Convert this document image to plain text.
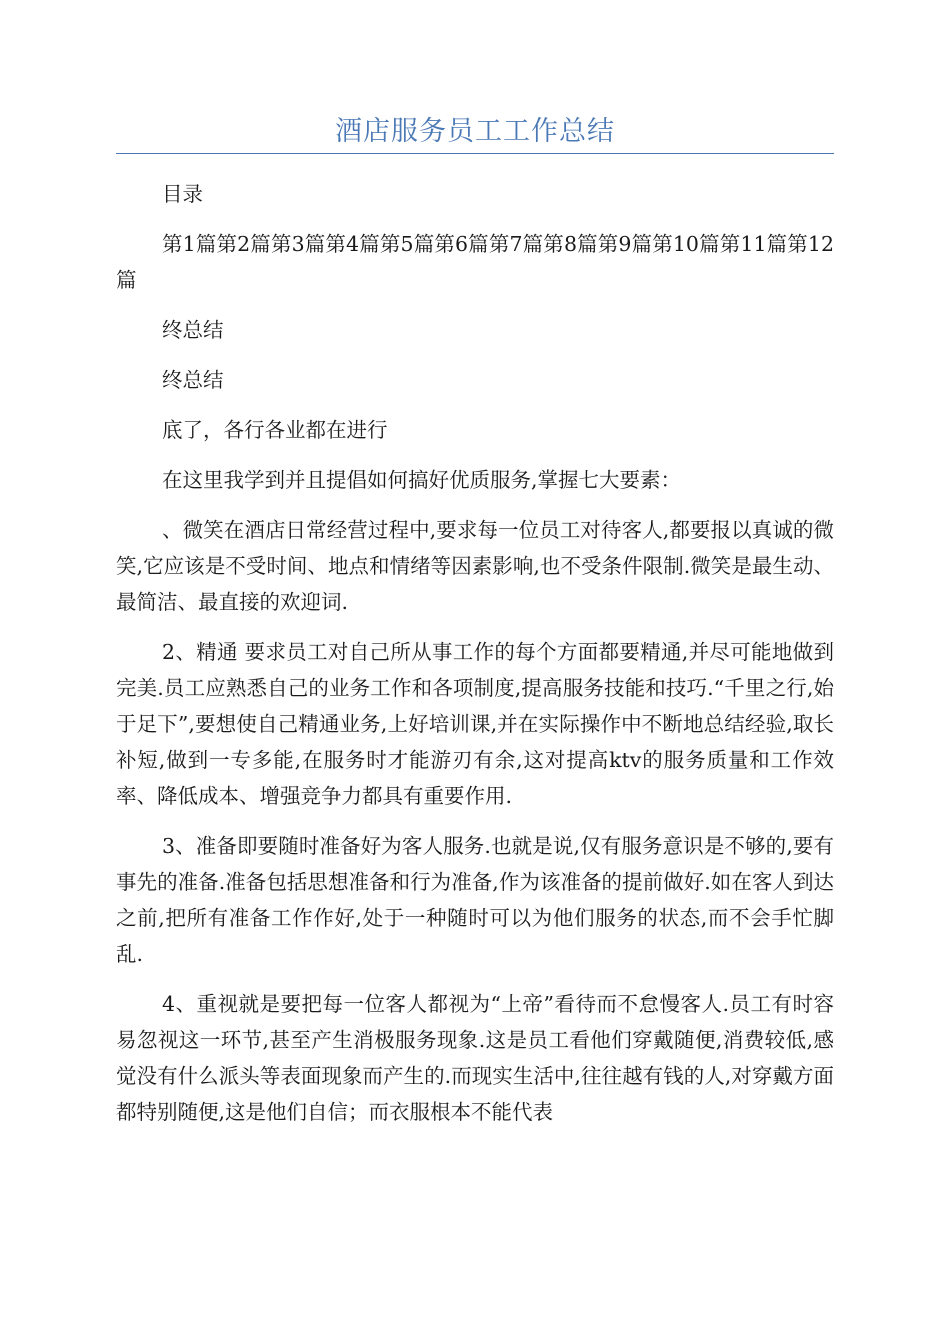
酒店服务员工工作总结

目录

第1篇第2篇第3篇第4篇第5篇第6篇第7篇第8篇第9篇第10篇第11篇第12篇

终总结

终总结

底了，各行各业都在进行

在这里我学到并且提倡如何搞好优质服务,掌握七大要素：

、微笑在酒店日常经营过程中,要求每一位员工对待客人,都要报以真诚的微笑,它应该是不受时间、地点和情绪等因素影响,也不受条件限制.微笑是最生动、最简洁、最直接的欢迎词.

2、精通 要求员工对自己所从事工作的每个方面都要精通,并尽可能地做到完美.员工应熟悉自己的业务工作和各项制度,提高服务技能和技巧.“千里之行,始于足下”,要想使自己精通业务,上好培训课,并在实际操作中不断地总结经验,取长补短,做到一专多能,在服务时才能游刃有余,这对提高ktv的服务质量和工作效率、降低成本、增强竞争力都具有重要作用.

3、准备即要随时准备好为客人服务.也就是说,仅有服务意识是不够的,要有事先的准备.准备包括思想准备和行为准备,作为该准备的提前做好.如在客人到达之前,把所有准备工作作好,处于一种随时可以为他们服务的状态,而不会手忙脚乱.

4、重视就是要把每一位客人都视为“上帝”看待而不怠慢客人.员工有时容易忽视这一环节,甚至产生消极服务现象.这是员工看他们穿戴随便,消费较低,感觉没有什么派头等表面现象而产生的.而现实生活中,往往越有钱的人,对穿戴方面都特别随便,这是他们自信；而衣服根本不能代表
